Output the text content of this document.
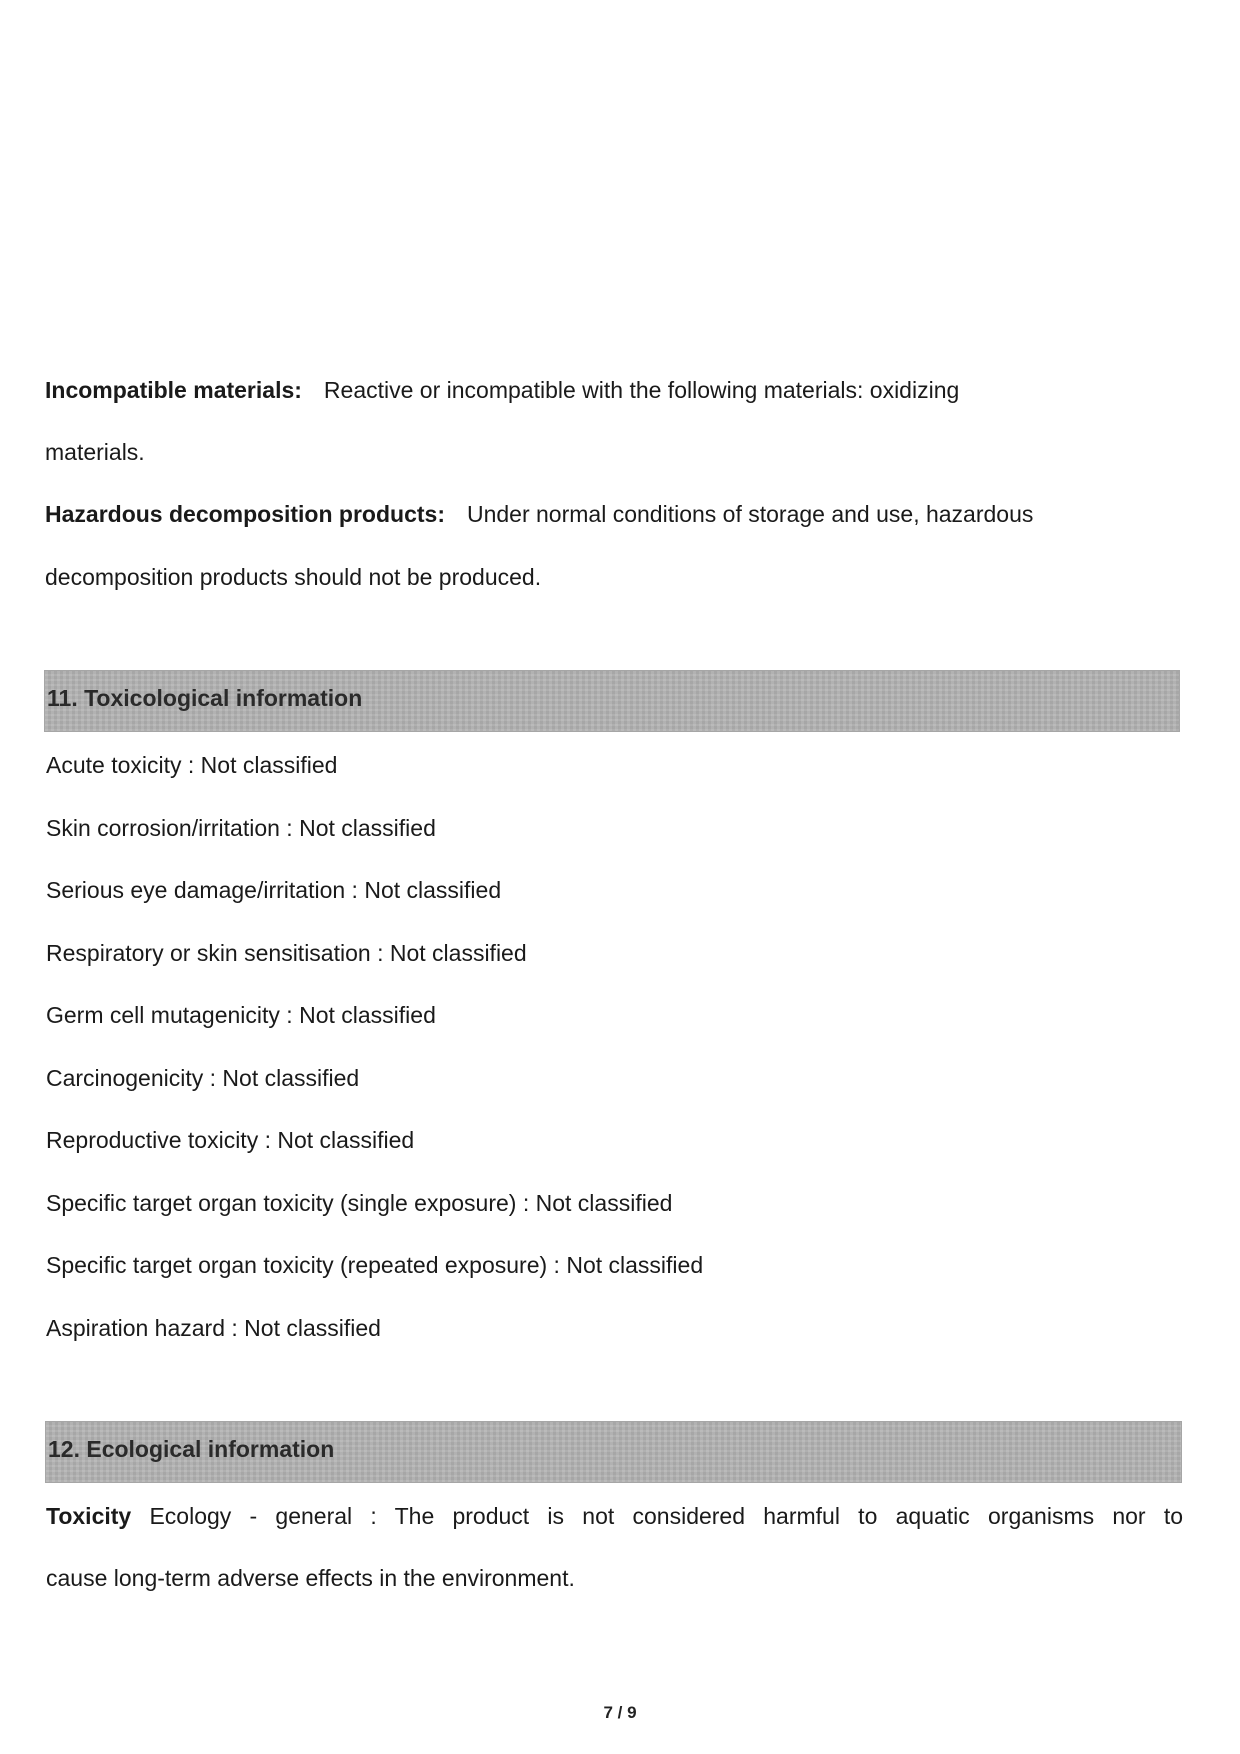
Incompatible materials: Reactive or incompatible with the following materials: oxidizing
materials.
Hazardous decomposition products: Under normal conditions of storage and use, hazardous
decomposition products should not be produced.
11. Toxicological information
Acute toxicity : Not classified
Skin corrosion/irritation : Not classified
Serious eye damage/irritation : Not classified
Respiratory or skin sensitisation : Not classified
Germ cell mutagenicity : Not classified
Carcinogenicity : Not classified
Reproductive toxicity : Not classified
Specific target organ toxicity (single exposure) : Not classified
Specific target organ toxicity (repeated exposure) : Not classified
Aspiration hazard : Not classified
12. Ecological information
Toxicity Ecology - general : The product is not considered harmful to aquatic organisms nor to
cause long-term adverse effects in the environment.
7 / 9
